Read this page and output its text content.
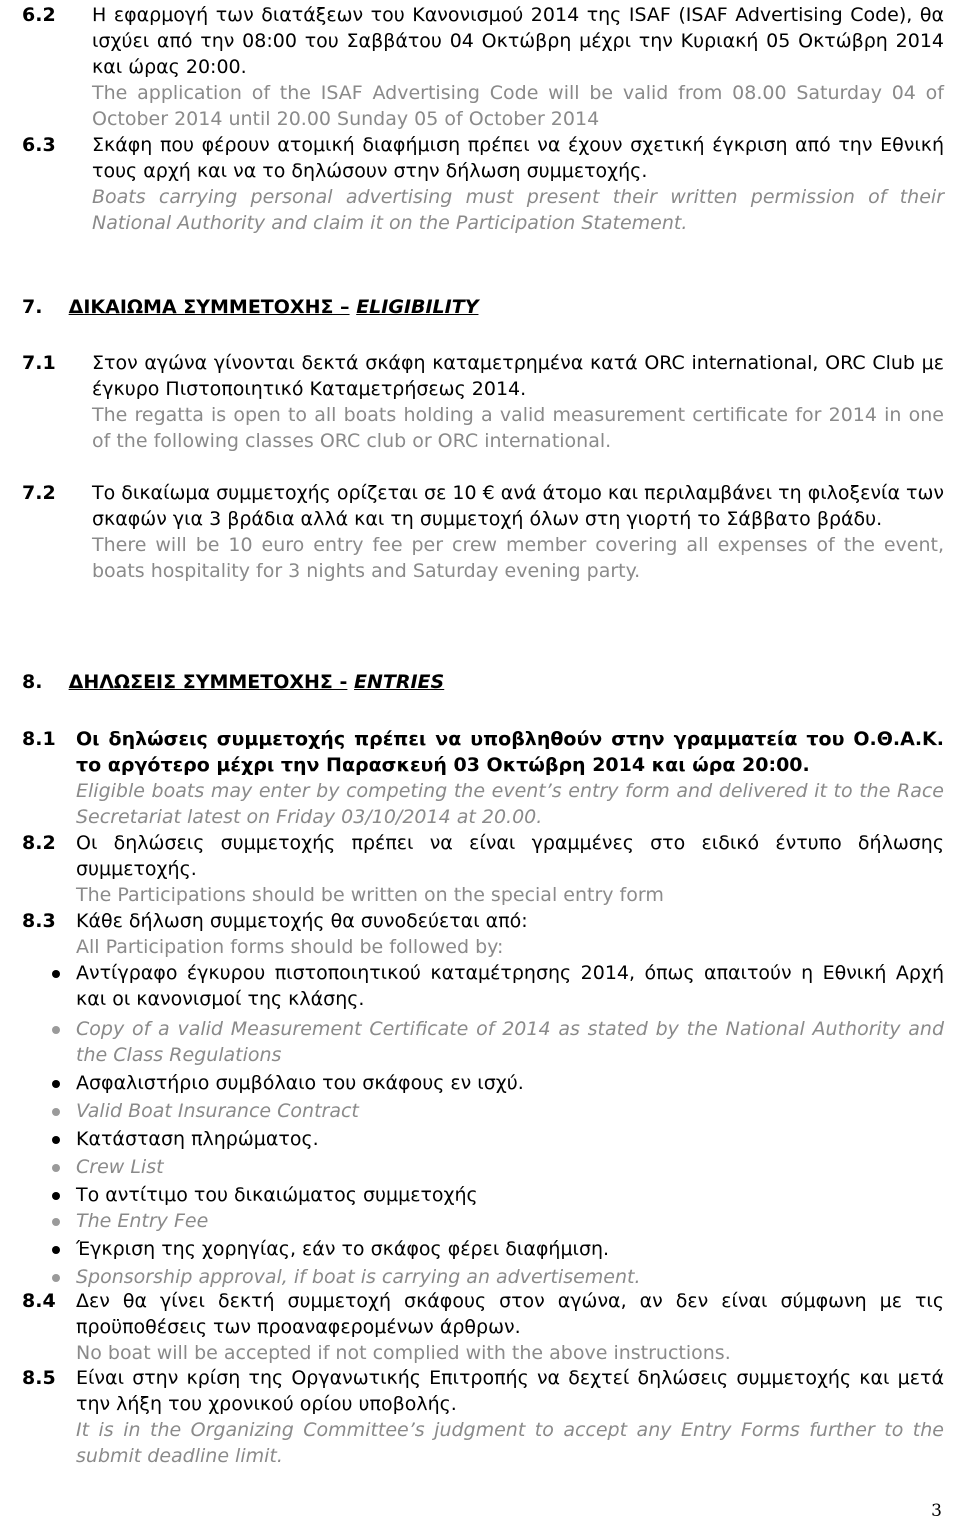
6.2 Η εφαρμογή των διατάξεων του Κανονισμού 2014 της ISAF (ISAF Advertising Code), θα ισχύει από την 08:00 του Σαββάτου 04 Οκτώβρη μέχρι την Κυριακή 05 Οκτώβρη 2014 και ώρας 20:00.
The application of the ISAF Advertising Code will be valid from 08.00 Saturday 04 of October 2014 until 20.00 Sunday 05 of October 2014
6.3 Σκάφη που φέρουν ατομική διαφήμιση πρέπει να έχουν σχετική έγκριση από την Εθνική τους αρχή και να το δηλώσουν στην δήλωση συμμετοχής.
Boats carrying personal advertising must present their written permission of their National Authority and claim it on the Participation Statement.
7. ΔΙΚΑΙΩΜΑ ΣΥΜΜΕΤΟΧΗΣ – ELIGIBILITY
7.1 Στον αγώνα γίνονται δεκτά σκάφη καταμετρημένα κατά ORC international, ORC Club με έγκυρο Πιστοποιητικό Καταμετρήσεως 2014.
The regatta is open to all boats holding a valid measurement certificate for 2014 in one of the following classes ORC club or ORC international.
7.2 Το δικαίωμα συμμετοχής ορίζεται σε 10 € ανά άτομο και περιλαμβάνει τη φιλοξενία των σκαφών για 3 βράδια αλλά και τη συμμετοχή όλων στη γιορτή το Σάββατο βράδυ.
There will be 10 euro entry fee per crew member covering all expenses of the event, boats hospitality for 3 nights and Saturday evening party.
8. ΔΗΛΩΣΕΙΣ ΣΥΜΜΕΤΟΧΗΣ - ENTRIES
8.1 Οι δηλώσεις συμμετοχής πρέπει να υποβληθούν στην γραμματεία του Ο.Θ.Α.Κ. το αργότερο μέχρι την Παρασκευή 03 Οκτώβρη 2014 και ώρα 20:00.
Eligible boats may enter by competing the event’s entry form and delivered it to the Race Secretariat latest on Friday 03/10/2014 at 20.00.
8.2 Οι δηλώσεις συμμετοχής πρέπει να είναι γραμμένες στο ειδικό έντυπο δήλωσης συμμετοχής.
The Participations should be written on the special entry form
8.3 Κάθε δήλωση συμμετοχής θα συνοδεύεται από:
All Participation forms should be followed by:
Αντίγραφο έγκυρου πιστοποιητικού καταμέτρησης 2014, όπως απαιτούν η Εθνική Αρχή και οι κανονισμοί της κλάσης.
Copy of a valid Measurement Certificate of 2014 as stated by the National Authority and the Class Regulations
Ασφαλιστήριο συμβόλαιο του σκάφους εν ισχύ.
Valid Boat Insurance Contract
Κατάσταση πληρώματος.
Crew List
Το αντίτιμο του δικαιώματος συμμετοχής
The Entry Fee
Έγκριση της χορηγίας, εάν το σκάφος φέρει διαφήμιση.
Sponsorship approval, if boat is carrying an advertisement.
8.4 Δεν θα γίνει δεκτή συμμετοχή σκάφους στον αγώνα, αν δεν είναι σύμφωνη με τις προϋποθέσεις των προαναφερομένων άρθρων.
No boat will be accepted if not complied with the above instructions.
8.5 Είναι στην κρίση της Οργανωτικής Επιτροπής να δεχτεί δηλώσεις συμμετοχής και μετά την λήξη του χρονικού ορίου υποβολής.
It is in the Organizing Committee’s judgment to accept any Entry Forms further to the submit deadline limit.
3
